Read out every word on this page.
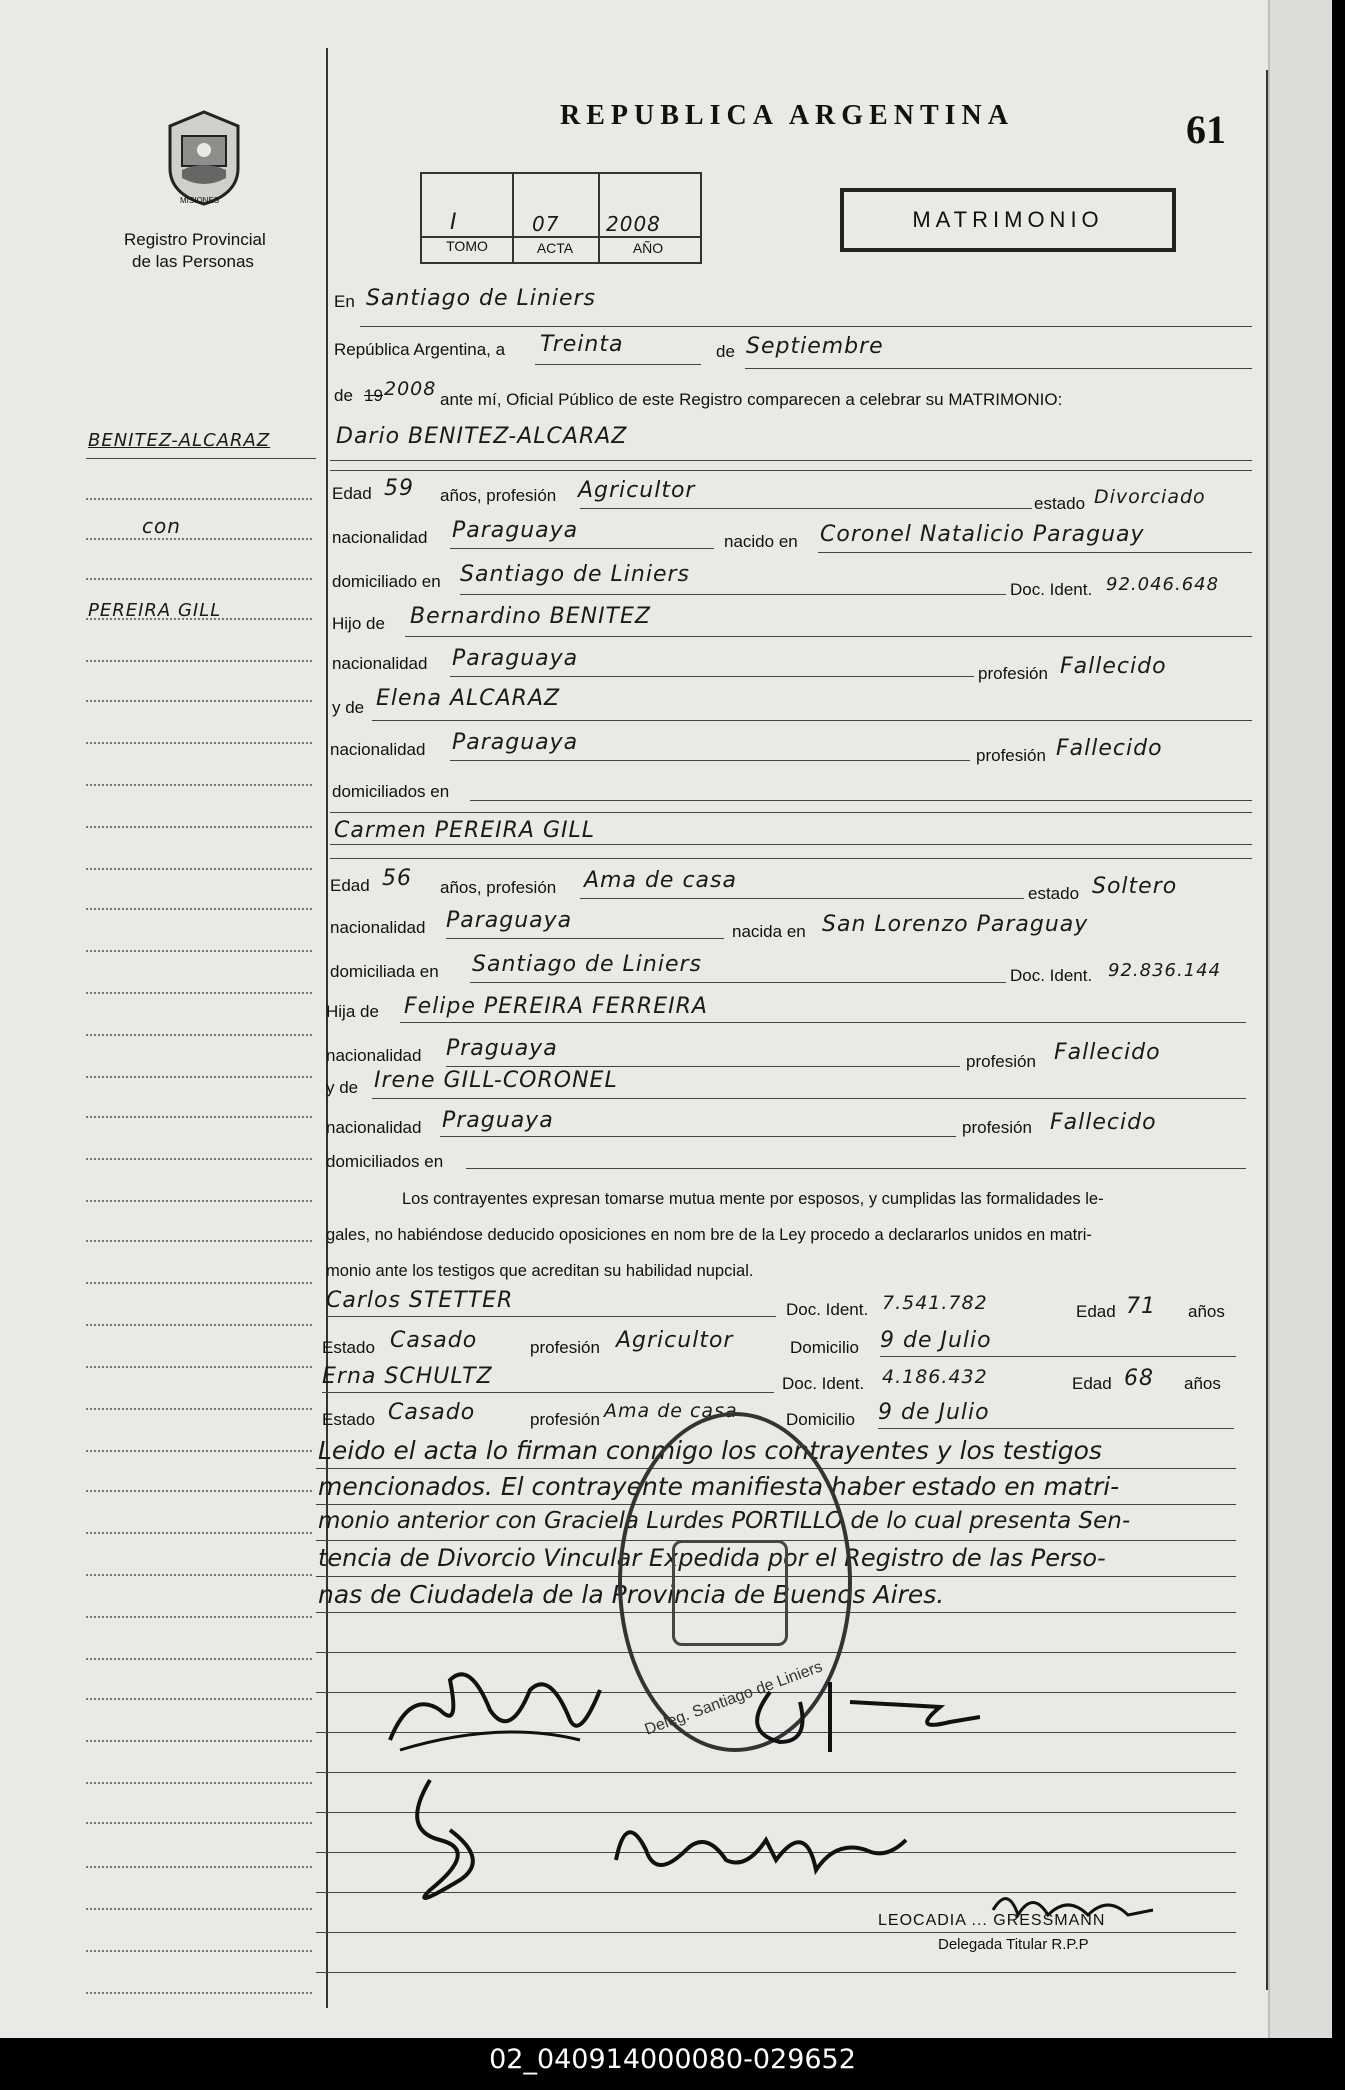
MISIONES
Registro Provincial
de las Personas
REPUBLICA ARGENTINA	61
I	07 2008
TOMO	ACTA	AÑO
MATRIMONIO
En Santiago de Liniers
República Argentina, a Treinta	de Septiembre
de 19 2008 ante mí, Oficial Público de este Registro comparecen a celebrar su MATRIMONIO:
BENITEZ-ALCARAZ
con
PEREIRA GILL
Dario BENITEZ-ALCARAZ
Edad 59 años, profesión Agricultor
estado Divorciado
nacionalidad Paraguaya	nacido en Coronel Natalicio Paraguay
domiciliado en Santiago de Liniers
Doc. Ident. 92.046.648
Hijo de Bernardino BENITEZ
nacionalidad Paraguaya
profesión Fallecido
y de Elena ALCARAZ
nacionalidad Paraguaya
profesión Fallecido
domiciliados en
Carmen PEREIRA GILL
Edad 56 años, profesión Ama de casa
estado Soltero
nacionalidad Paraguaya	nacida en San Lorenzo Paraguay
domiciliada en Santiago de Liniers	Doc. Ident. 92.836.144
Hija de Felipe PEREIRA FERREIRA
nacionalidad Praguaya
profesión Fallecido
y de Irene GILL-CORONEL
nacionalidad Praguaya	profesión Fallecido
domiciliados en
Los contrayentes expresan tomarse mutua mente por esposos, y cumplidas las formalidades le-
gales, no habiéndose deducido oposiciones en nom bre de la Ley procedo a declararlos unidos en matri-
monio ante los testigos que acreditan su habilidad nupcial.
Carlos STETTER	Doc. Ident. 7.541.782	Edad 71 años
Estado Casado	profesión Agricultor	Domicilio 9 de Julio
Erna SCHULTZ	Doc. Ident. 4.186.432	Edad 68 años
Estado Casado	profesión Ama de casa	Domicilio 9 de Julio
Leido el acta lo firman conmigo los contrayentes y los testigos
mencionados. El contrayente manifiesta haber estado en matri-
monio anterior con Graciela Lurdes PORTILLO de lo cual presenta Sen-
tencia de Divorcio Vincular Expedida por el Registro de las Perso-
nas de Ciudadela de la Provincia de Buenos Aires.
Deleg. Santiago de Liniers
LEOCADIA ... GRESSMANN
Delegada Titular R.P.P
02_040914000080-029652
